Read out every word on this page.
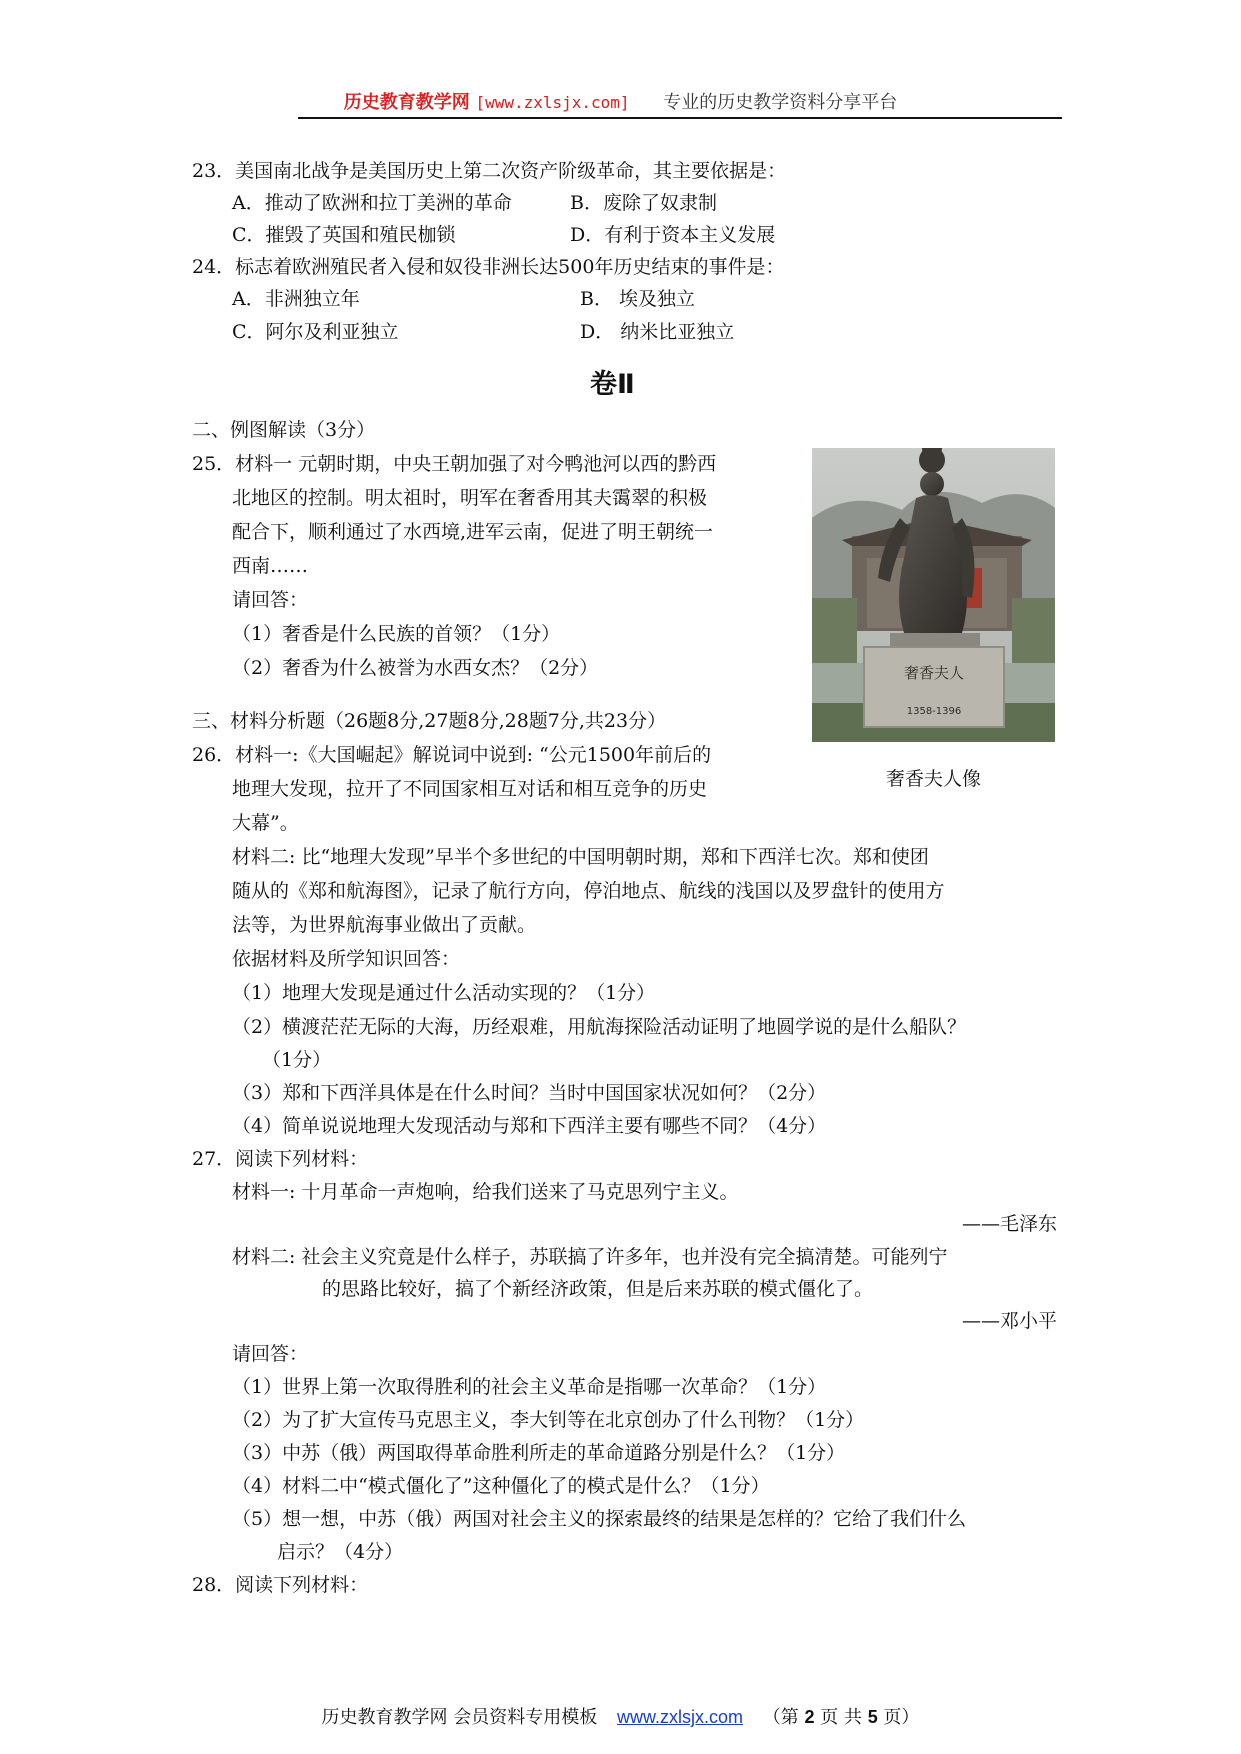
历史教育教学网 [www.zxlsjx.com] 专业的历史教学资料分享平台
23．美国南北战争是美国历史上第二次资产阶级革命，其主要依据是：
A．推动了欧洲和拉丁美洲的革命	B．废除了奴隶制
C．摧毁了英国和殖民枷锁	D．有利于资本主义发展
24．标志着欧洲殖民者入侵和奴役非洲长达500年历史结束的事件是：
A．非洲独立年	B． 埃及独立
C．阿尔及利亚独立	D． 纳米比亚独立
卷Ⅱ
二、例图解读（3分）
25．材料一 元朝时期，中央王朝加强了对今鸭池河以西的黔西
北地区的控制。明太祖时，明军在奢香用其夫霭翠的积极
配合下，顺利通过了水西境,进军云南，促进了明王朝统一
西南……
请回答：
（1）奢香是什么民族的首领？（1分）
（2）奢香为什么被誉为水西女杰？（2分）	奢香夫人
1358-1396
奢香夫人像
三、材料分析题（26题8分,27题8分,28题7分,共23分）
26．材料一:《大国崛起》解说词中说到: “公元1500年前后的
地理大发现，拉开了不同国家相互对话和相互竞争的历史
大幕”。
材料二: 比“地理大发现”早半个多世纪的中国明朝时期，郑和下西洋七次。郑和使团
随从的《郑和航海图》，记录了航行方向，停泊地点、航线的浅国以及罗盘针的使用方
法等，为世界航海事业做出了贡献。
依据材料及所学知识回答：
（1）地理大发现是通过什么活动实现的？（1分）
（2）横渡茫茫无际的大海，历经艰难，用航海探险活动证明了地圆学说的是什么船队？
（1分）
（3）郑和下西洋具体是在什么时间？当时中国国家状况如何？（2分）
（4）简单说说地理大发现活动与郑和下西洋主要有哪些不同？（4分）
27．阅读下列材料：
材料一: 十月革命一声炮响，给我们送来了马克思列宁主义。
——毛泽东
材料二: 社会主义究竟是什么样子，苏联搞了许多年，也并没有完全搞清楚。可能列宁
的思路比较好，搞了个新经济政策，但是后来苏联的模式僵化了。
——邓小平
请回答：
（1）世界上第一次取得胜利的社会主义革命是指哪一次革命？（1分）
（2）为了扩大宣传马克思主义，李大钊等在北京创办了什么刊物？（1分）
（3）中苏（俄）两国取得革命胜利所走的革命道路分别是什么？（1分）
（4）材料二中“模式僵化了”这种僵化了的模式是什么？（1分）
（5）想一想，中苏（俄）两国对社会主义的探索最终的结果是怎样的？它给了我们什么
启示？（4分）
28．阅读下列材料：
历史教育教学网 会员资料专用模板 www.zxlsjx.com （第 2 页 共 5 页）
